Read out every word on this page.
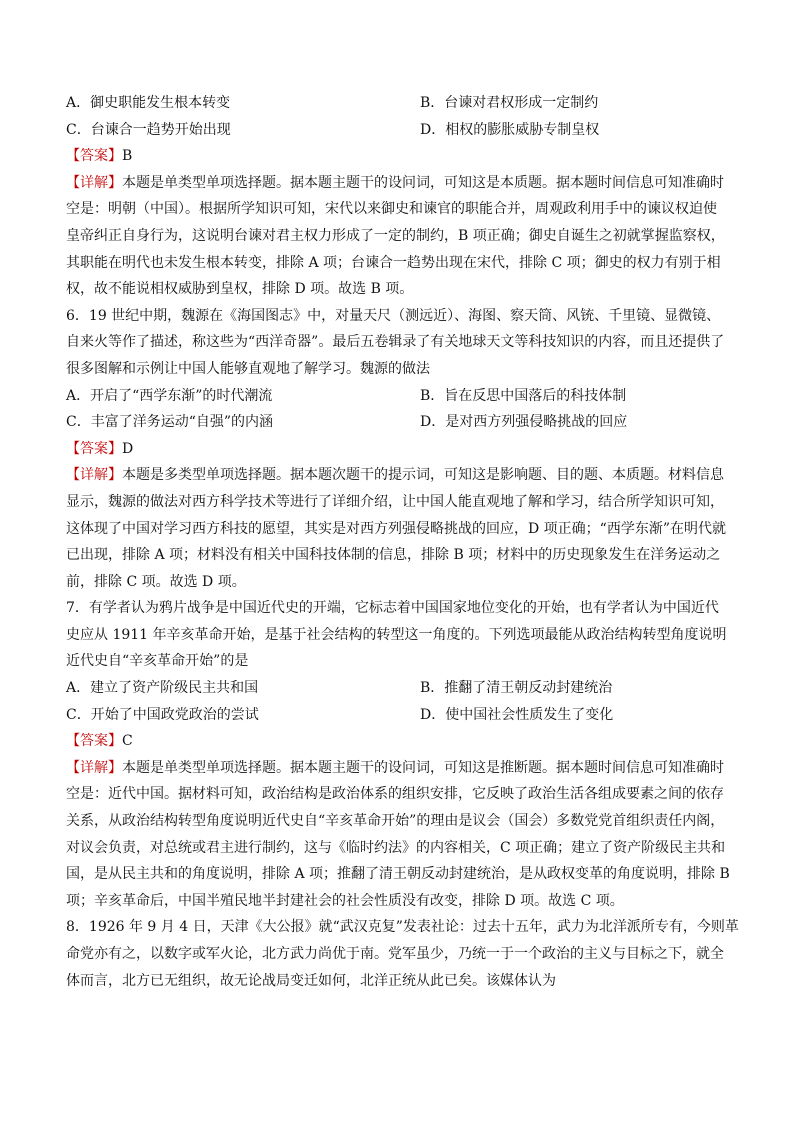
A．御史职能发生根本转变	B．台谏对君权形成一定制约
C．台谏合一趋势开始出现	D．相权的膨胀威胁专制皇权
【答案】B
【详解】本题是单类型单项选择题。据本题主题干的设问词，可知这是本质题。据本题时间信息可知准确时
空是：明朝（中国）。根据所学知识可知，宋代以来御史和谏官的职能合并，周观政利用手中的谏议权迫使
皇帝纠正自身行为，这说明台谏对君主权力形成了一定的制约，B 项正确；御史自诞生之初就掌握监察权，
其职能在明代也未发生根本转变，排除 A 项；台谏合一趋势出现在宋代，排除 C 项；御史的权力有别于相
权，故不能说相权威胁到皇权，排除 D 项。故选 B 项。
6．19 世纪中期，魏源在《海国图志》中，对量天尺（测远近）、海图、察天筒、风铳、千里镜、显微镜、
自来火等作了描述，称这些为“西洋奇器”。最后五卷辑录了有关地球天文等科技知识的内容，而且还提供了
很多图解和示例让中国人能够直观地了解学习。魏源的做法
A．开启了“西学东渐”的时代潮流	B．旨在反思中国落后的科技体制
C．丰富了洋务运动“自强”的内涵	D．是对西方列强侵略挑战的回应
【答案】D
【详解】本题是多类型单项选择题。据本题次题干的提示词，可知这是影响题、目的题、本质题。材料信息
显示，魏源的做法对西方科学技术等进行了详细介绍，让中国人能直观地了解和学习，结合所学知识可知，
这体现了中国对学习西方科技的愿望，其实是对西方列强侵略挑战的回应，D 项正确；“西学东渐”在明代就
已出现，排除 A 项；材料没有相关中国科技体制的信息，排除 B 项；材料中的历史现象发生在洋务运动之
前，排除 C 项。故选 D 项。
7．有学者认为鸦片战争是中国近代史的开端，它标志着中国国家地位变化的开始，也有学者认为中国近代
史应从 1911 年辛亥革命开始，是基于社会结构的转型这一角度的。下列选项最能从政治结构转型角度说明
近代史自“辛亥革命开始”的是
A．建立了资产阶级民主共和国	B．推翻了清王朝反动封建统治
C．开始了中国政党政治的尝试	D．使中国社会性质发生了变化
【答案】C
【详解】本题是单类型单项选择题。据本题主题干的设问词，可知这是推断题。据本题时间信息可知准确时
空是：近代中国。据材料可知，政治结构是政治体系的组织安排，它反映了政治生活各组成要素之间的依存
关系，从政治结构转型角度说明近代史自“辛亥革命开始”的理由是议会（国会）多数党党首组织责任内阁，
对议会负责，对总统或君主进行制约，这与《临时约法》的内容相关，C 项正确；建立了资产阶级民主共和
国，是从民主共和的角度说明，排除 A 项；推翻了清王朝反动封建统治，是从政权变革的角度说明，排除 B
项；辛亥革命后，中国半殖民地半封建社会的社会性质没有改变，排除 D 项。故选 C 项。
8．1926 年 9 月 4 日，天津《大公报》就“武汉克复”发表社论：过去十五年，武力为北洋派所专有，今则革
命党亦有之，以数字或军火论，北方武力尚优于南。党军虽少，乃统一于一个政治的主义与目标之下，就全
体而言，北方已无组织，故无论战局变迁如何，北洋正统从此已矣。该媒体认为
